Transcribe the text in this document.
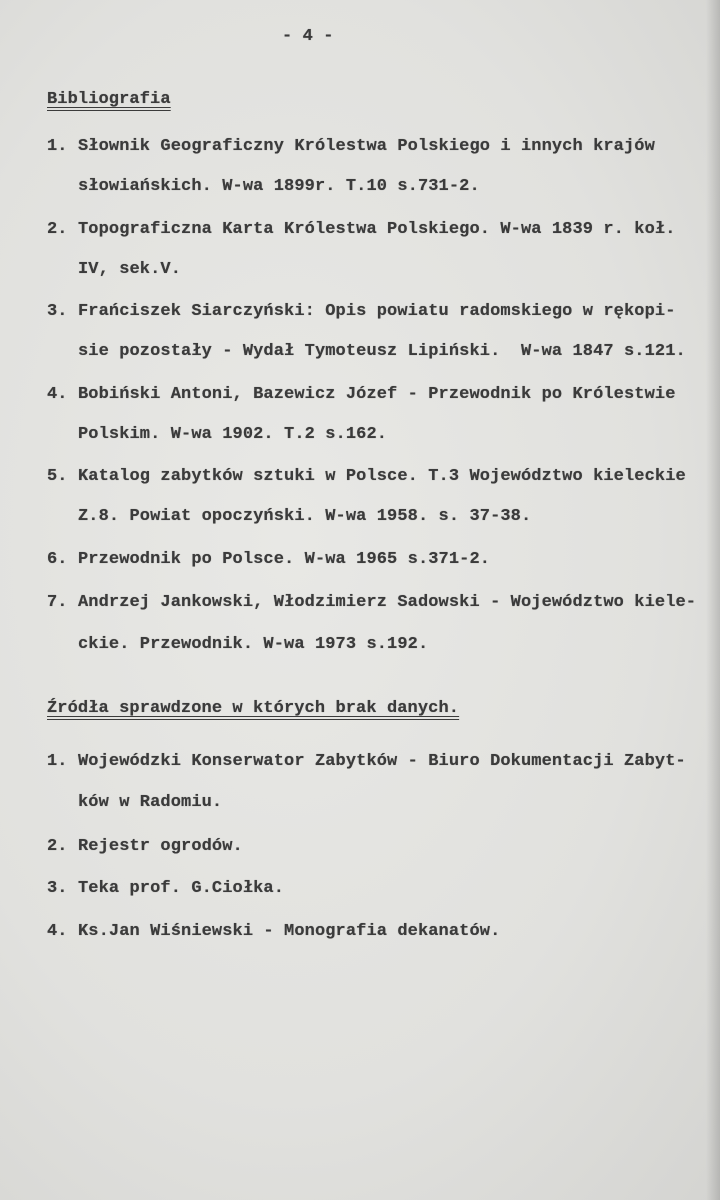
- 4 -
Bibliografia
1. Słownik Geograficzny Królestwa Polskiego i innych krajów
słowiańskich. W-wa 1899r. T.10 s.731-2.
2. Topograficzna Karta Królestwa Polskiego. W-wa 1839 r. koł.
IV, sek.V.
3. Frańciszek Siarczyński: Opis powiatu radomskiego w rękopi-
sie pozostały - Wydał Tymoteusz Lipiński.  W-wa 1847 s.121.
4. Bobiński Antoni, Bazewicz Józef - Przewodnik po Królestwie
Polskim. W-wa 1902. T.2 s.162.
5. Katalog zabytków sztuki w Polsce. T.3 Województwo kieleckie
Z.8. Powiat opoczyński. W-wa 1958. s. 37-38.
6. Przewodnik po Polsce. W-wa 1965 s.371-2.
7. Andrzej Jankowski, Włodzimierz Sadowski - Województwo kiele-
ckie. Przewodnik. W-wa 1973 s.192.
Źródła sprawdzone w których brak danych.
1. Wojewódzki Konserwator Zabytków - Biuro Dokumentacji Zabyt-
ków w Radomiu.
2. Rejestr ogrodów.
3. Teka prof. G.Ciołka.
4. Ks.Jan Wiśniewski - Monografia dekanatów.
